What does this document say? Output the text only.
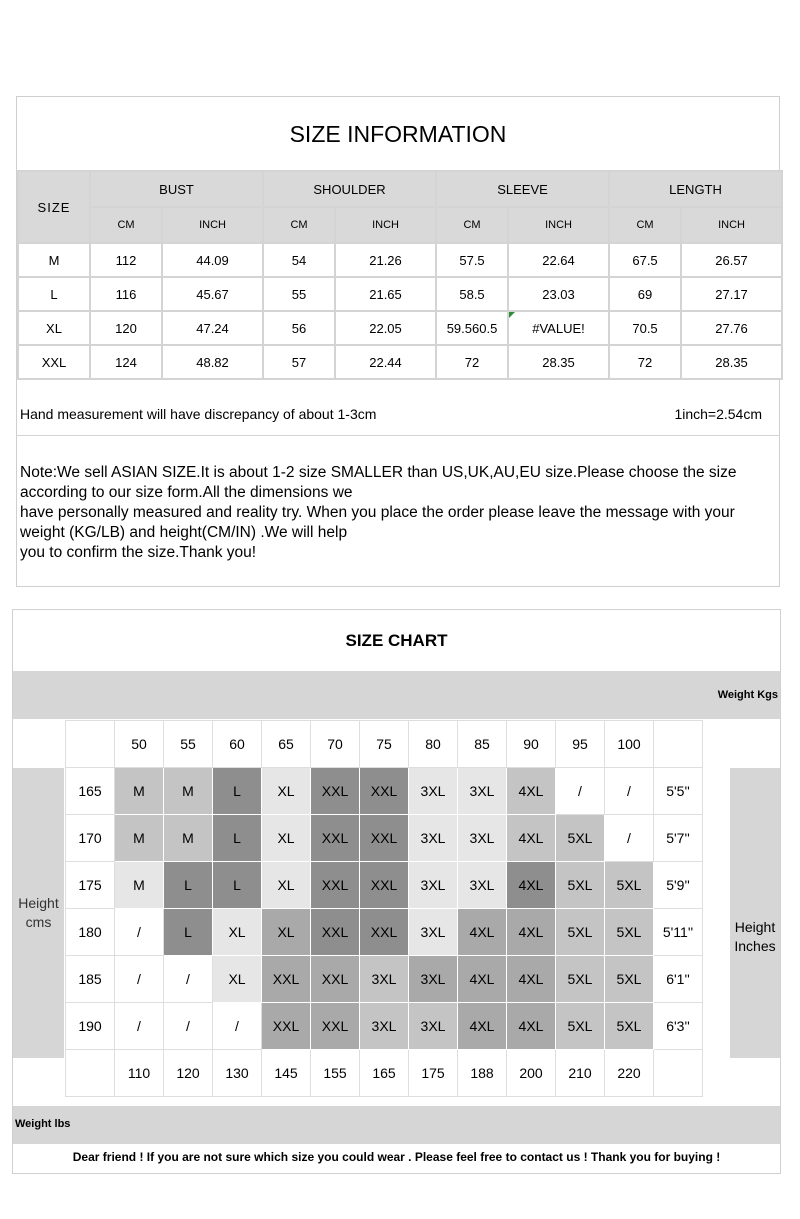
SIZE INFORMATION
SIZE	BUST		SHOULDER		SLEEVE		LENGTH	
	CM	INCH	CM	INCH	CM	INCH	CM	INCH
M	112	44.09	54	21.26	57.5	22.64	67.5	26.57
L	116	45.67	55	21.65	58.5	23.03	69	27.17
XL	120	47.24	56	22.05	59.560.5	#VALUE!	70.5	27.76
XXL	124	48.82	57	22.44	72	28.35	72	28.35
Hand measurement will have discrepancy of about 1-3cm	1inch=2.54cm
Note:We sell ASIAN SIZE.It is about 1-2 size SMALLER than US,UK,AU,EU size.Please choose the size
according to our size form.All the dimensions we
have personally measured and reality try. When you place the order please leave the message with your
weight (KG/LB) and height(CM/IN) .We will help
you to confirm the size.Thank you!
SIZE CHART
Weight Kgs
Height cms	Height Inches
	50	55	60	65	70	75	80	85	90	95	100	
165	M	M	L	XL	XXL	XXL	3XL	3XL	4XL	/	/	5'5''
170	M	M	L	XL	XXL	XXL	3XL	3XL	4XL	5XL	/	5'7''
175	M	L	L	XL	XXL	XXL	3XL	3XL	4XL	5XL	5XL	5'9''
180	/	L	XL	XL	XXL	XXL	3XL	4XL	4XL	5XL	5XL	5'11''
185	/	/	XL	XXL	XXL	3XL	3XL	4XL	4XL	5XL	5XL	6'1''
190	/	/	/	XXL	XXL	3XL	3XL	4XL	4XL	5XL	5XL	6'3''
	110	120	130	145	155	165	175	188	200	210	220	
Weight lbs
Dear friend ! If you are not sure which size you could wear . Please feel free to contact us ! Thank you for buying !
